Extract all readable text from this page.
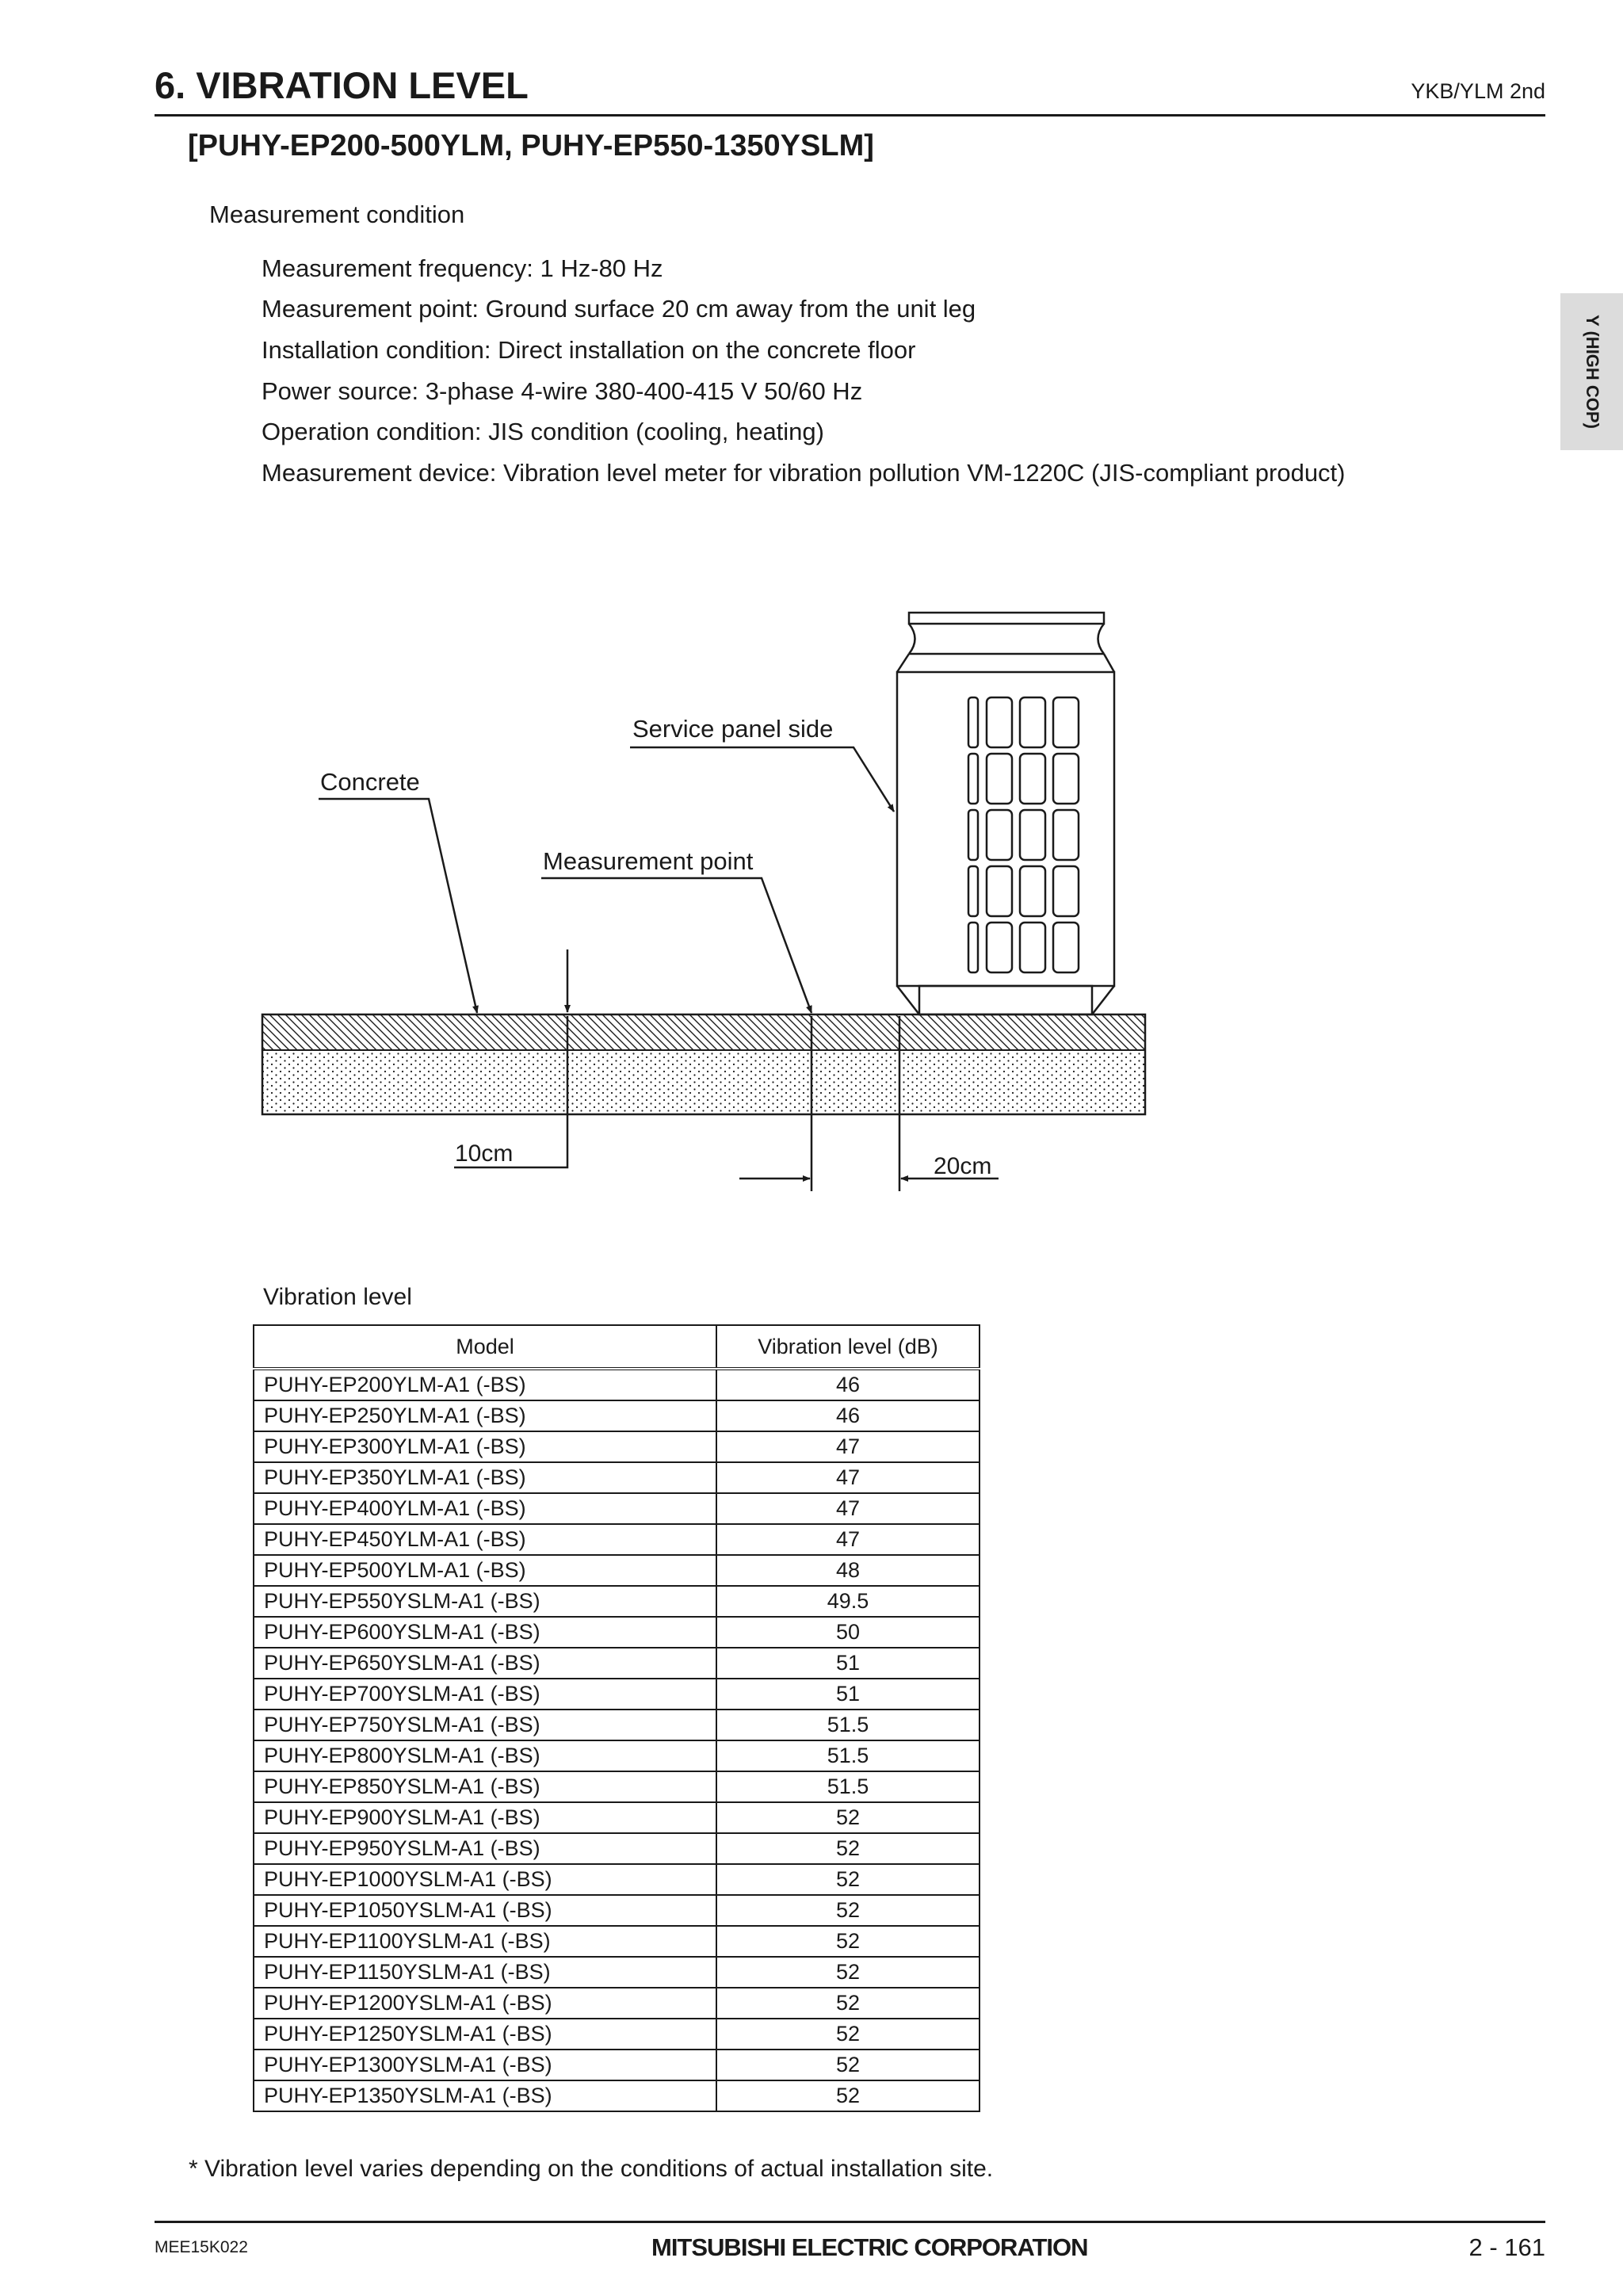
6. VIBRATION LEVEL	YKB/YLM 2nd
[PUHY-EP200-500YLM, PUHY-EP550-1350YSLM]
Y (HIGH COP)
Measurement condition
Measurement frequency: 1 Hz-80 Hz
Measurement point: Ground surface 20 cm away from the unit leg
Installation condition: Direct installation on the concrete floor
Power source: 3-phase 4-wire 380-400-415 V 50/60 Hz
Operation condition: JIS condition (cooling, heating)
Measurement device: Vibration level meter for vibration pollution VM-1220C (JIS-compliant product)
Service panel side
Concrete
Measurement point
10cm	20cm
Vibration level
Model	Vibration level (dB)
PUHY-EP200YLM-A1 (-BS)	46
PUHY-EP250YLM-A1 (-BS)	46
PUHY-EP300YLM-A1 (-BS)	47
PUHY-EP350YLM-A1 (-BS)	47
PUHY-EP400YLM-A1 (-BS)	47
PUHY-EP450YLM-A1 (-BS)	47
PUHY-EP500YLM-A1 (-BS)	48
PUHY-EP550YSLM-A1 (-BS)	49.5
PUHY-EP600YSLM-A1 (-BS)	50
PUHY-EP650YSLM-A1 (-BS)	51
PUHY-EP700YSLM-A1 (-BS)	51
PUHY-EP750YSLM-A1 (-BS)	51.5
PUHY-EP800YSLM-A1 (-BS)	51.5
PUHY-EP850YSLM-A1 (-BS)	51.5
PUHY-EP900YSLM-A1 (-BS)	52
PUHY-EP950YSLM-A1 (-BS)	52
PUHY-EP1000YSLM-A1 (-BS)	52
PUHY-EP1050YSLM-A1 (-BS)	52
PUHY-EP1100YSLM-A1 (-BS)	52
PUHY-EP1150YSLM-A1 (-BS)	52
PUHY-EP1200YSLM-A1 (-BS)	52
PUHY-EP1250YSLM-A1 (-BS)	52
PUHY-EP1300YSLM-A1 (-BS)	52
PUHY-EP1350YSLM-A1 (-BS)	52
* Vibration level varies depending on the conditions of actual installation site.
MEE15K022	MITSUBISHI ELECTRIC CORPORATION	2 - 161
